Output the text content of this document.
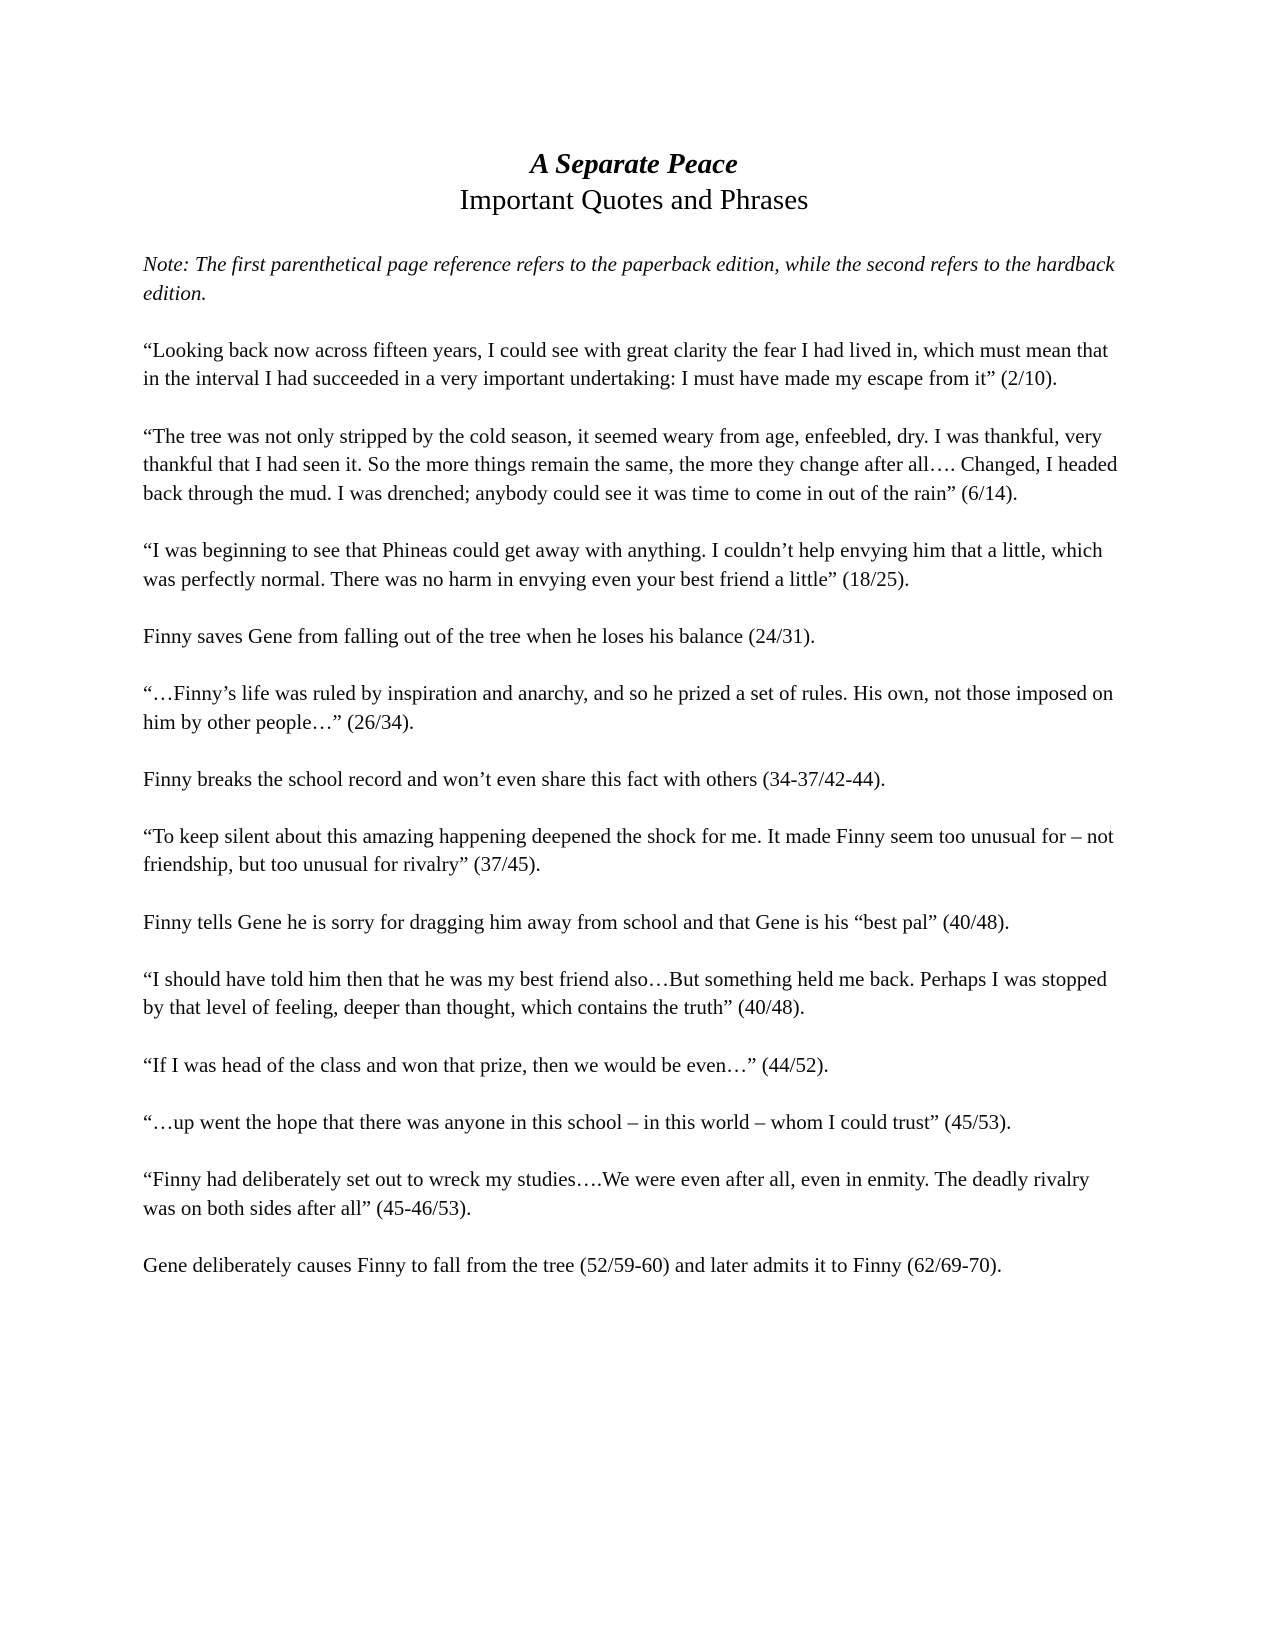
A Separate Peace
Important Quotes and Phrases

Note: The first parenthetical page reference refers to the paperback edition, while the second refers to the hardback edition.

“Looking back now across fifteen years, I could see with great clarity the fear I had lived in, which must mean that in the interval I had succeeded in a very important undertaking: I must have made my escape from it” (2/10).

“The tree was not only stripped by the cold season, it seemed weary from age, enfeebled, dry. I was thankful, very thankful that I had seen it. So the more things remain the same, the more they change after all…. Changed, I headed back through the mud. I was drenched; anybody could see it was time to come in out of the rain” (6/14).

“I was beginning to see that Phineas could get away with anything. I couldn’t help envying him that a little, which was perfectly normal. There was no harm in envying even your best friend a little” (18/25).

Finny saves Gene from falling out of the tree when he loses his balance (24/31).

“…Finny’s life was ruled by inspiration and anarchy, and so he prized a set of rules. His own, not those imposed on him by other people…” (26/34).

Finny breaks the school record and won’t even share this fact with others (34-37/42-44).

“To keep silent about this amazing happening deepened the shock for me. It made Finny seem too unusual for – not friendship, but too unusual for rivalry” (37/45).

Finny tells Gene he is sorry for dragging him away from school and that Gene is his “best pal” (40/48).

“I should have told him then that he was my best friend also…But something held me back. Perhaps I was stopped by that level of feeling, deeper than thought, which contains the truth” (40/48).

“If I was head of the class and won that prize, then we would be even…” (44/52).

“…up went the hope that there was anyone in this school – in this world – whom I could trust” (45/53).

“Finny had deliberately set out to wreck my studies….We were even after all, even in enmity. The deadly rivalry was on both sides after all” (45-46/53).

Gene deliberately causes Finny to fall from the tree (52/59-60) and later admits it to Finny (62/69-70).
